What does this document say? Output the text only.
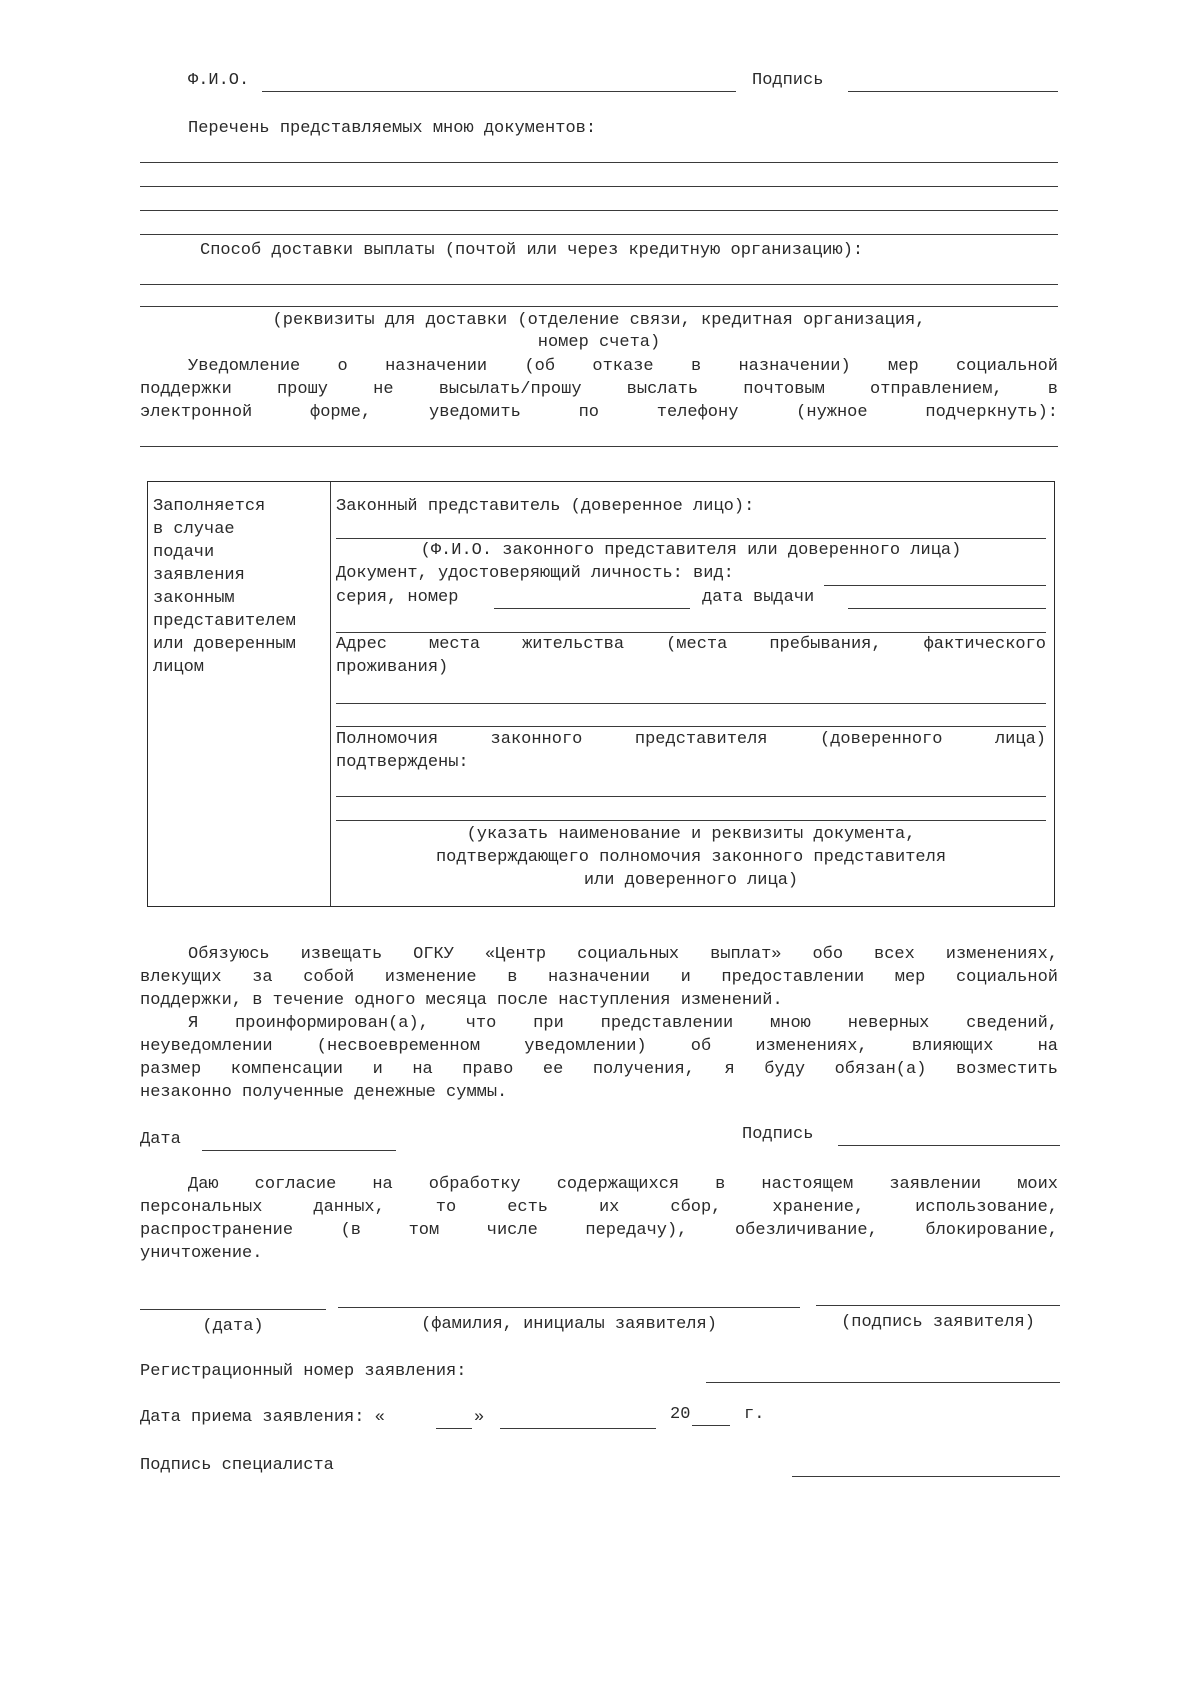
Ф.И.О.	Подпись
Перечень представляемых мною документов:
Способ доставки выплаты (почтой или через кредитную организацию):
(реквизиты для доставки (отделение связи, кредитная организация,
номер счета)
Уведомление о назначении (об отказе в назначении) мер социальной
поддержки прошу не высылать/прошу выслать почтовым отправлением, в
электронной форме, уведомить по телефону (нужное подчеркнуть):
Заполняется
в случае
подачи
заявления
законным
представителем
или доверенным
лицом
Законный представитель (доверенное лицо):
(Ф.И.О. законного представителя или доверенного лица)
Документ, удостоверяющий личность: вид:
серия, номер	дата выдачи
Адрес места жительства (места пребывания, фактического
проживания)
Полномочия законного представителя (доверенного лица)
подтверждены:
(указать наименование и реквизиты документа,
подтверждающего полномочия законного представителя
или доверенного лица)
Обязуюсь извещать ОГКУ «Центр социальных выплат» обо всех изменениях,
влекущих за собой изменение в назначении и предоставлении мер социальной
поддержки, в течение одного месяца после наступления изменений.
Я проинформирован(а), что при представлении мною неверных сведений,
неуведомлении (несвоевременном уведомлении) об изменениях, влияющих на
размер компенсации и на право ее получения, я буду обязан(а) возместить
незаконно полученные денежные суммы.
Дата	Подпись
Даю согласие на обработку содержащихся в настоящем заявлении моих
персональных данных, то есть их сбор, хранение, использование,
распространение (в том числе передачу), обезличивание, блокирование,
уничтожение.
(дата)	(фамилия, инициалы заявителя)	(подпись заявителя)
Регистрационный номер заявления:
Дата приема заявления: «	»	20	г.
Подпись специалиста
